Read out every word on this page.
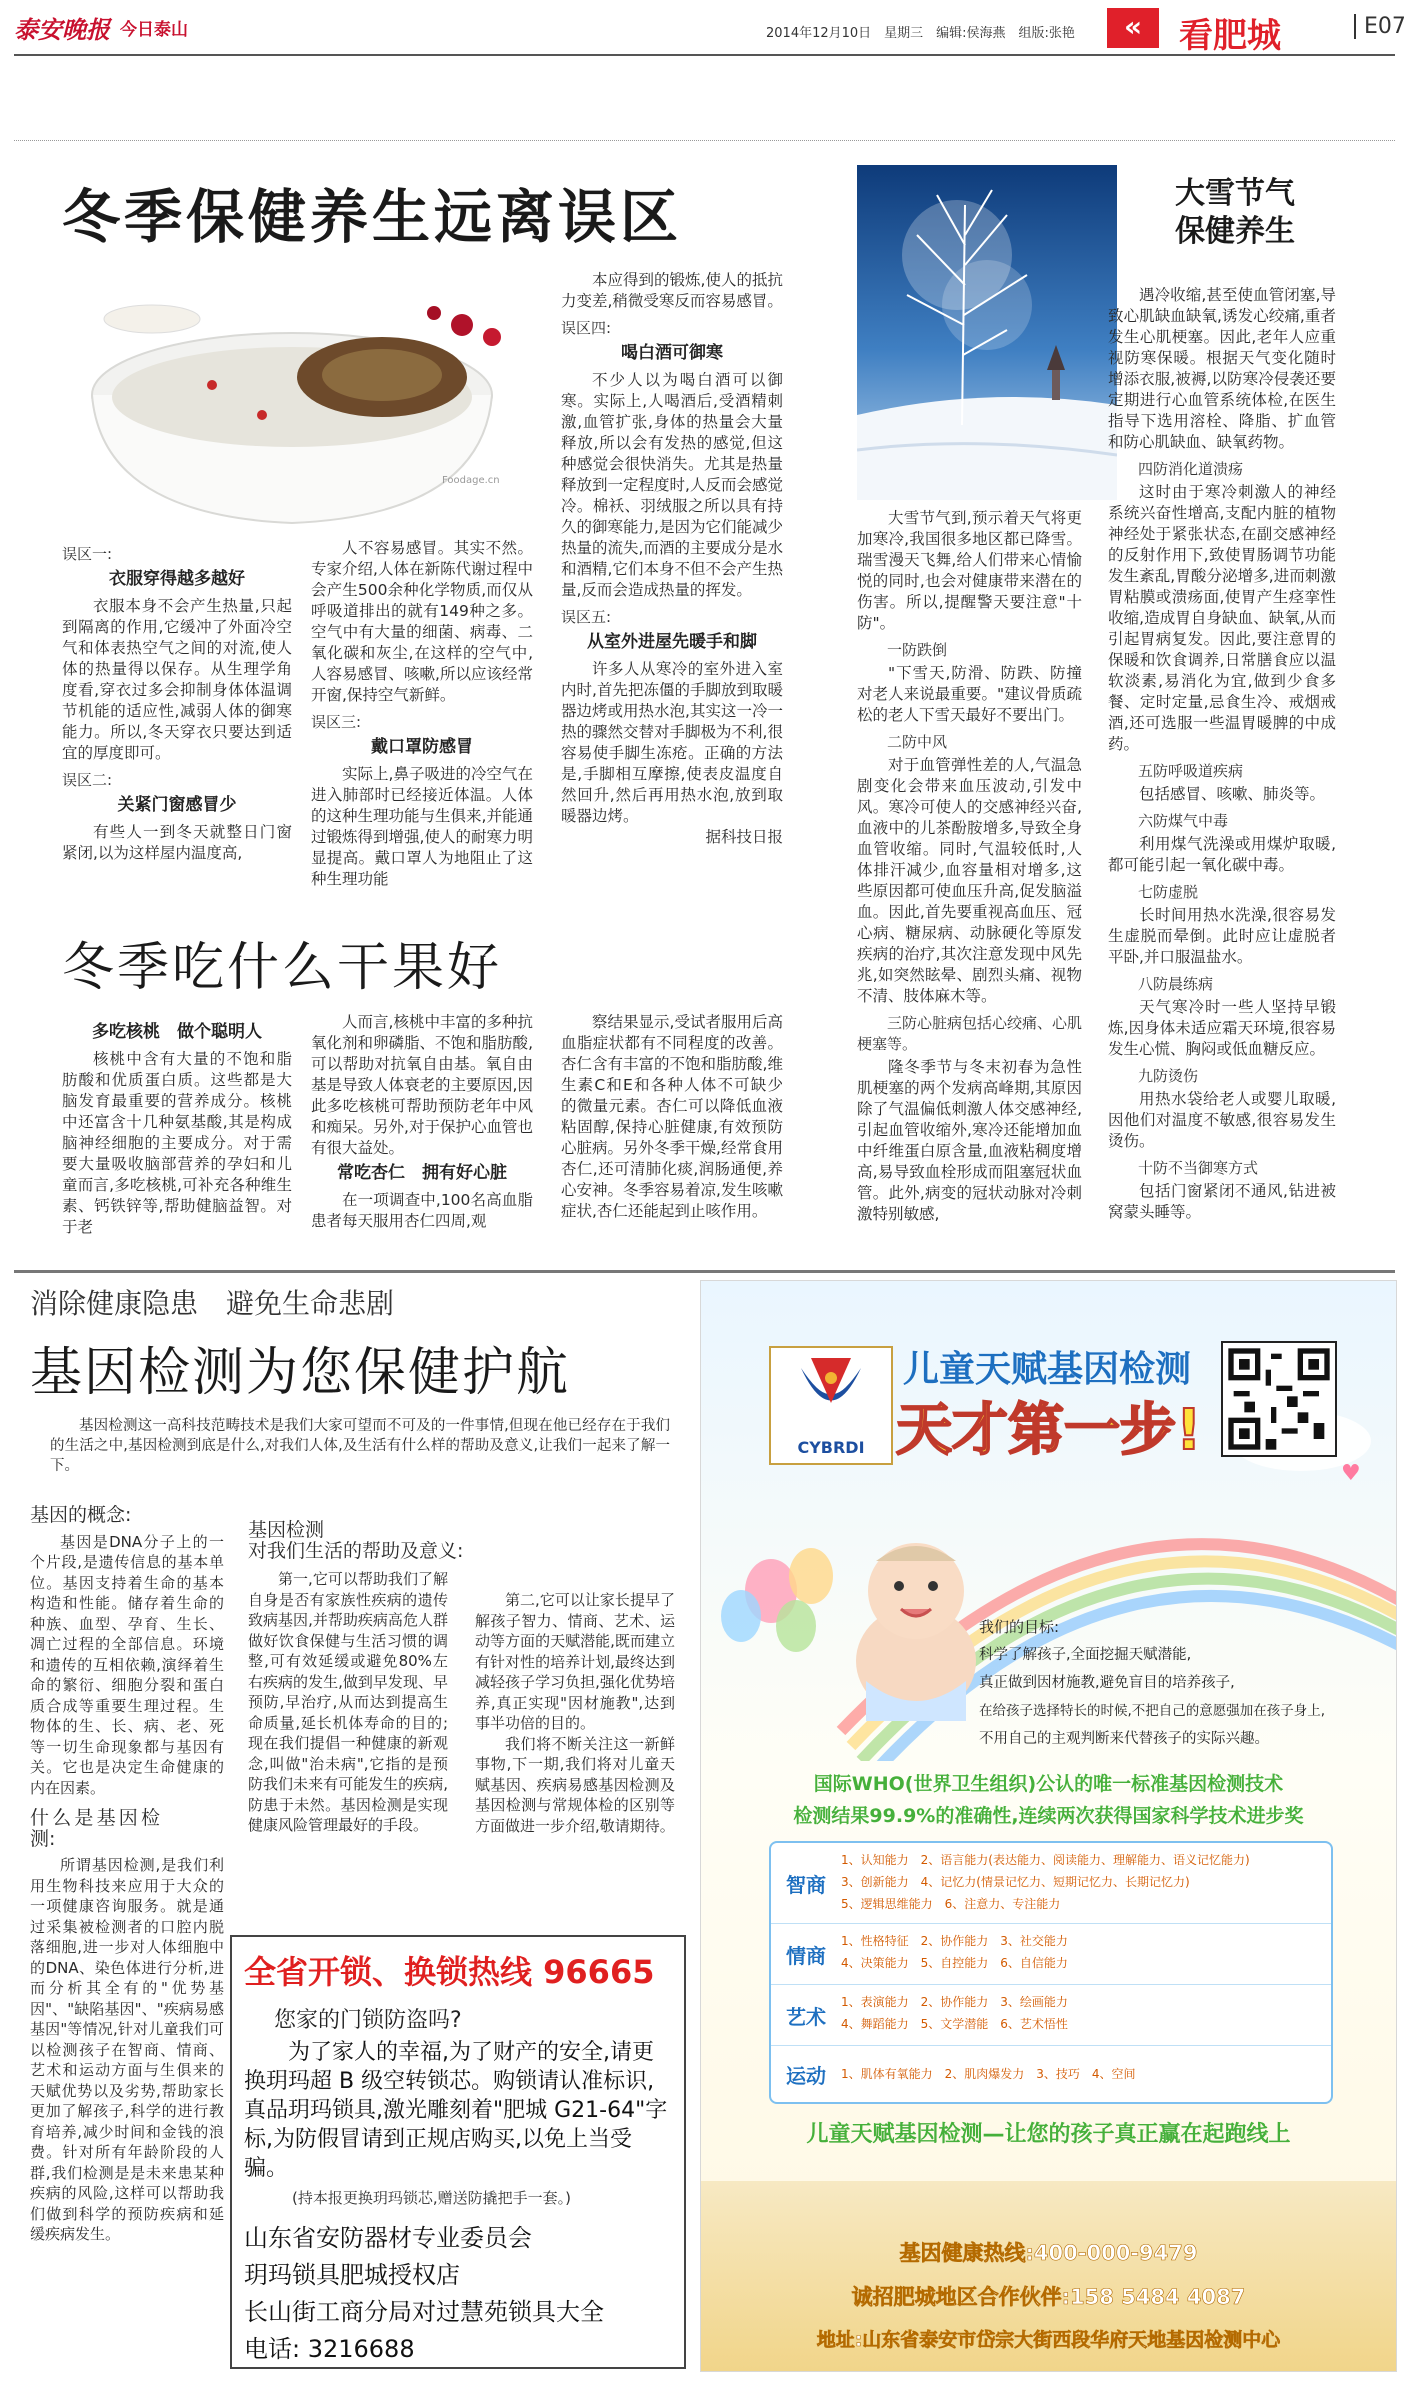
泰安晚报 今日泰山	2014年12月10日　星期三　编辑:侯海燕　组版:张艳	«	看肥城	E07
冬季保健养生远离误区
Foodage.cn
误区一:
衣服穿得越多越好

衣服本身不会产生热量,只起到隔离的作用,它缓冲了外面冷空气和体表热空气之间的对流,使人体的热量得以保存。从生理学角度看,穿衣过多会抑制身体体温调节机能的适应性,减弱人体的御寒能力。所以,冬天穿衣只要达到适宜的厚度即可。

误区二:
关紧门窗感冒少

有些人一到冬天就整日门窗紧闭,以为这样屋内温度高,

人不容易感冒。其实不然。专家介绍,人体在新陈代谢过程中会产生500余种化学物质,而仅从呼吸道排出的就有149种之多。空气中有大量的细菌、病毒、二氧化碳和灰尘,在这样的空气中,人容易感冒、咳嗽,所以应该经常开窗,保持空气新鲜。

误区三:
戴口罩防感冒

实际上,鼻子吸进的冷空气在进入肺部时已经接近体温。人体的这种生理功能与生俱来,并能通过锻炼得到增强,使人的耐寒力明显提高。戴口罩人为地阻止了这种生理功能

本应得到的锻炼,使人的抵抗力变差,稍微受寒反而容易感冒。

误区四:
喝白酒可御寒

不少人以为喝白酒可以御寒。实际上,人喝酒后,受酒精刺激,血管扩张,身体的热量会大量释放,所以会有发热的感觉,但这种感觉会很快消失。尤其是热量释放到一定程度时,人反而会感觉冷。棉袄、羽绒服之所以具有持久的御寒能力,是因为它们能减少热量的流失,而酒的主要成分是水和酒精,它们本身不但不会产生热量,反而会造成热量的挥发。

误区五:
从室外进屋先暖手和脚

许多人从寒冷的室外进入室内时,首先把冻僵的手脚放到取暖器边烤或用热水泡,其实这一冷一热的骤然交替对手脚极为不利,很容易使手脚生冻疮。正确的方法是,手脚相互摩擦,使表皮温度自然回升,然后再用热水泡,放到取暖器边烤。

据科技日报
冬季吃什么干果好
多吃核桃　做个聪明人

核桃中含有大量的不饱和脂肪酸和优质蛋白质。这些都是大脑发育最重要的营养成分。核桃中还富含十几种氨基酸,其是构成脑神经细胞的主要成分。对于需要大量吸收脑部营养的孕妇和儿童而言,多吃核桃,可补充各种维生素、钙铁锌等,帮助健脑益智。对于老

人而言,核桃中丰富的多种抗氧化剂和卵磷脂、不饱和脂肪酸,可以帮助对抗氧自由基。氧自由基是导致人体衰老的主要原因,因此多吃核桃可帮助预防老年中风和痴呆。另外,对于保护心血管也有很大益处。

常吃杏仁　拥有好心脏

在一项调查中,100名高血脂患者每天服用杏仁四周,观

察结果显示,受试者服用后高血脂症状都有不同程度的改善。杏仁含有丰富的不饱和脂肪酸,维生素C和E和各种人体不可缺少的微量元素。杏仁可以降低血液粘固醇,保持心脏健康,有效预防心脏病。另外冬季干燥,经常食用杏仁,还可清肺化痰,润肠通便,养心安神。冬季容易着凉,发生咳嗽症状,杏仁还能起到止咳作用。

大雪节气保健养生

大雪节气到,预示着天气将更加寒冷,我国很多地区都已降雪。瑞雪漫天飞舞,给人们带来心情愉悦的同时,也会对健康带来潜在的伤害。所以,提醒警天要注意"十防"。

一防跌倒

"下雪天,防滑、防跌、防撞对老人来说最重要。"建议骨质疏松的老人下雪天最好不要出门。

二防中风

对于血管弹性差的人,气温急剧变化会带来血压波动,引发中风。寒冷可使人的交感神经兴奋,血液中的儿茶酚胺增多,导致全身血管收缩。同时,气温较低时,人体排汗减少,血容量相对增多,这些原因都可使血压升高,促发脑溢血。因此,首先要重视高血压、冠心病、糖尿病、动脉硬化等原发疾病的治疗,其次注意发现中风先兆,如突然眩晕、剧烈头痛、视物不清、肢体麻木等。

三防心脏病包括心绞痛、心肌梗塞等。

隆冬季节与冬末初春为急性肌梗塞的两个发病高峰期,其原因除了气温偏低刺激人体交感神经,引起血管收缩外,寒冷还能增加血中纤维蛋白原含量,血液粘稠度增高,易导致血栓形成而阻塞冠状血管。此外,病变的冠状动脉对冷刺激特别敏感,

遇冷收缩,甚至使血管闭塞,导致心肌缺血缺氧,诱发心绞痛,重者发生心肌梗塞。因此,老年人应重视防寒保暖。根据天气变化随时增添衣服,被褥,以防寒冷侵袭还要定期进行心血管系统体检,在医生指导下选用溶栓、降脂、扩血管和防心肌缺血、缺氧药物。

四防消化道溃疡

这时由于寒冷刺激人的神经系统兴奋性增高,支配内脏的植物神经处于紧张状态,在副交感神经的反射作用下,致使胃肠调节功能发生紊乱,胃酸分泌增多,进而刺激胃粘膜或溃疡面,使胃产生痉挛性收缩,造成胃自身缺血、缺氧,从而引起胃病复发。因此,要注意胃的保暖和饮食调养,日常膳食应以温软淡素,易消化为宜,做到少食多餐、定时定量,忌食生冷、戒烟戒酒,还可选服一些温胃暖脾的中成药。

五防呼吸道疾病

包括感冒、咳嗽、肺炎等。

六防煤气中毒

利用煤气洗澡或用煤炉取暖,都可能引起一氧化碳中毒。

七防虚脱

长时间用热水洗澡,很容易发生虚脱而晕倒。此时应让虚脱者平卧,并口服温盐水。

八防晨练病

天气寒冷时一些人坚持早锻炼,因身体未适应霜天环境,很容易发生心慌、胸闷或低血糖反应。

九防烫伤

用热水袋给老人或婴儿取暖,因他们对温度不敏感,很容易发生烫伤。

十防不当御寒方式

包括门窗紧闭不通风,钻进被窝蒙头睡等。

消除健康隐患　避免生命悲剧
基因检测为您保健护航

基因检测这一高科技范畴技术是我们大家可望而不可及的一件事情,但现在他已经存在于我们的生活之中,基因检测到底是什么,对我们人体,及生活有什么样的帮助及意义,让我们一起来了解一下。

基因的概念:

基因是DNA分子上的一个片段,是遗传信息的基本单位。基因支持着生命的基本构造和性能。储存着生命的种族、血型、孕育、生长、凋亡过程的全部信息。环境和遗传的互相依赖,演绎着生命的繁衍、细胞分裂和蛋白质合成等重要生理过程。生物体的生、长、病、老、死等一切生命现象都与基因有关。它也是决定生命健康的内在因素。

什么是基因检测:

所谓基因检测,是我们利用生物科技来应用于大众的一项健康咨询服务。就是通过采集被检测者的口腔内脱落细胞,进一步对人体细胞中的DNA、染色体进行分析,进而分析其全有的"优势基因"、"缺陷基因"、"疾病易感基因"等情况,针对儿童我们可以检测孩子在智商、情商、艺术和运动方面与生俱来的天赋优势以及劣势,帮助家长更加了解孩子,科学的进行教育培养,减少时间和金钱的浪费。针对所有年龄阶段的人群,我们检测是是未来患某种疾病的风险,这样可以帮助我们做到科学的预防疾病和延缓疾病发生。

基因检测
对我们生活的帮助及意义:

第一,它可以帮助我们了解自身是否有家族性疾病的遗传致病基因,并帮助疾病高危人群做好饮食保健与生活习惯的调整,可有效延缓或避免80%左右疾病的发生,做到早发现、早预防,早治疗,从而达到提高生命质量,延长机体寿命的目的;现在我们提倡一种健康的新观念,叫做"治未病",它指的是预防我们未来有可能发生的疾病,防患于未然。基因检测是实现健康风险管理最好的手段。

第二,它可以让家长提早了解孩子智力、情商、艺术、运动等方面的天赋潜能,既而建立有针对性的培养计划,最终达到减轻孩子学习负担,强化优势培养,真正实现"因材施教",达到事半功倍的目的。

我们将不断关注这一新鲜事物,下一期,我们将对儿童天赋基因、疾病易感基因检测及基因检测与常规体检的区别等方面做进一步介绍,敬请期待。

全省开锁、换锁热线 96665
您家的门锁防盗吗?
为了家人的幸福,为了财产的安全,请更换玥玛超 B 级空转锁芯。购锁请认准标识,真品玥玛锁具,激光雕刻着"肥城 G21-64"字标,为防假冒请到正规店购买,以免上当受骗。
(持本报更换玥玛锁芯,赠送防撬把手一套。)
山东省安防器材专业委员会
玥玛锁具肥城授权店
长山街工商分局对过慧苑锁具大全
电话: 3216688
CYBRDI
儿童天赋基因检测
天才第一步!
♥
我们的目标:
科学了解孩子,全面挖掘天赋潜能,
真正做到因材施教,避免盲目的培养孩子,
在给孩子选择特长的时候,不把自己的意愿强加在孩子身上,
不用自己的主观判断来代替孩子的实际兴趣。
国际WHO(世界卫生组织)公认的唯一标准基因检测技术
检测结果99.9%的准确性,连续两次获得国家科学技术进步奖
智商
1、认知能力　2、语言能力(表达能力、阅读能力、理解能力、语义记忆能力)
3、创新能力　4、记忆力(情景记忆力、短期记忆力、长期记忆力)
5、逻辑思维能力　6、注意力、专注能力
情商
1、性格特征　2、协作能力　3、社交能力
4、决策能力　5、自控能力　6、自信能力
艺术
1、表演能力　2、协作能力　3、绘画能力
4、舞蹈能力　5、文学潜能　6、艺术悟性
运动	1、肌体有氧能力　2、肌肉爆发力　3、技巧　4、空间
儿童天赋基因检测—让您的孩子真正赢在起跑线上
基因健康热线:400-000-9479
诚招肥城地区合作伙伴:158 5484 4087
地址:山东省泰安市岱宗大街西段华府天地基因检测中心
